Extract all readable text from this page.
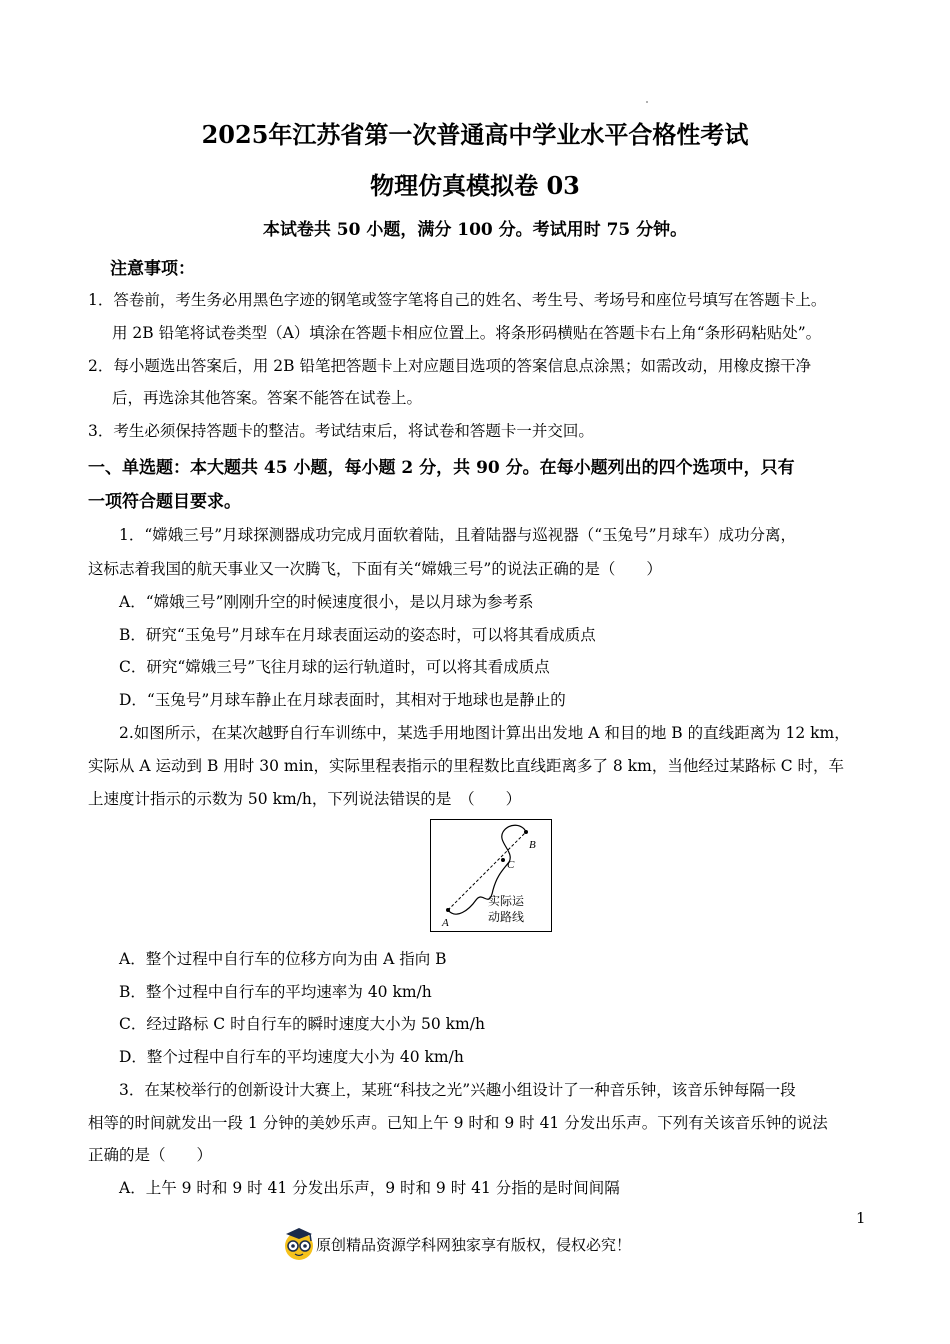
2025年江苏省第一次普通高中学业水平合格性考试
物理仿真模拟卷 03
本试卷共 50 小题，满分 100 分。考试用时 75 分钟。
注意事项：
1．答卷前，考生务必用黑色字迹的钢笔或签字笔将自己的姓名、考生号、考场号和座位号填写在答题卡上。
用 2B 铅笔将试卷类型（A）填涂在答题卡相应位置上。将条形码横贴在答题卡右上角“条形码粘贴处”。
2．每小题选出答案后，用 2B 铅笔把答题卡上对应题目选项的答案信息点涂黑；如需改动，用橡皮擦干净
后，再选涂其他答案。答案不能答在试卷上。
3．考生必须保持答题卡的整洁。考试结束后，将试卷和答题卡一并交回。
一、单选题：本大题共 45 小题，每小题 2 分，共 90 分。在每小题列出的四个选项中，只有
一项符合题目要求。
1．“嫦娥三号”月球探测器成功完成月面软着陆，且着陆器与巡视器（“玉兔号”月球车）成功分离，
这标志着我国的航天事业又一次腾飞，下面有关“嫦娥三号”的说法正确的是（　　）
A．“嫦娥三号”刚刚升空的时候速度很小，是以月球为参考系
B．研究“玉兔号”月球车在月球表面运动的姿态时，可以将其看成质点
C．研究“嫦娥三号”飞往月球的运行轨道时，可以将其看成质点
D．“玉兔号”月球车静止在月球表面时，其相对于地球也是静止的
2.如图所示，在某次越野自行车训练中，某选手用地图计算出出发地 A 和目的地 B 的直线距离为 12 km，
实际从 A 运动到 B 用时 30 min，实际里程表指示的里程数比直线距离多了 8 km，当他经过某路标 C 时，车
上速度计指示的示数为 50 km/h，下列说法错误的是　（　　）
A
B
C
实际运
动路线
A．整个过程中自行车的位移方向为由 A 指向 B
B．整个过程中自行车的平均速率为 40 km/h
C．经过路标 C 时自行车的瞬时速度大小为 50 km/h
D．整个过程中自行车的平均速度大小为 40 km/h
3．在某校举行的创新设计大赛上，某班“科技之光”兴趣小组设计了一种音乐钟，该音乐钟每隔一段
相等的时间就发出一段 1 分钟的美妙乐声。已知上午 9 时和 9 时 41 分发出乐声。下列有关该音乐钟的说法
正确的是（　　）
A．上午 9 时和 9 时 41 分发出乐声，9 时和 9 时 41 分指的是时间间隔
1
原创精品资源学科网独家享有版权，侵权必究！
